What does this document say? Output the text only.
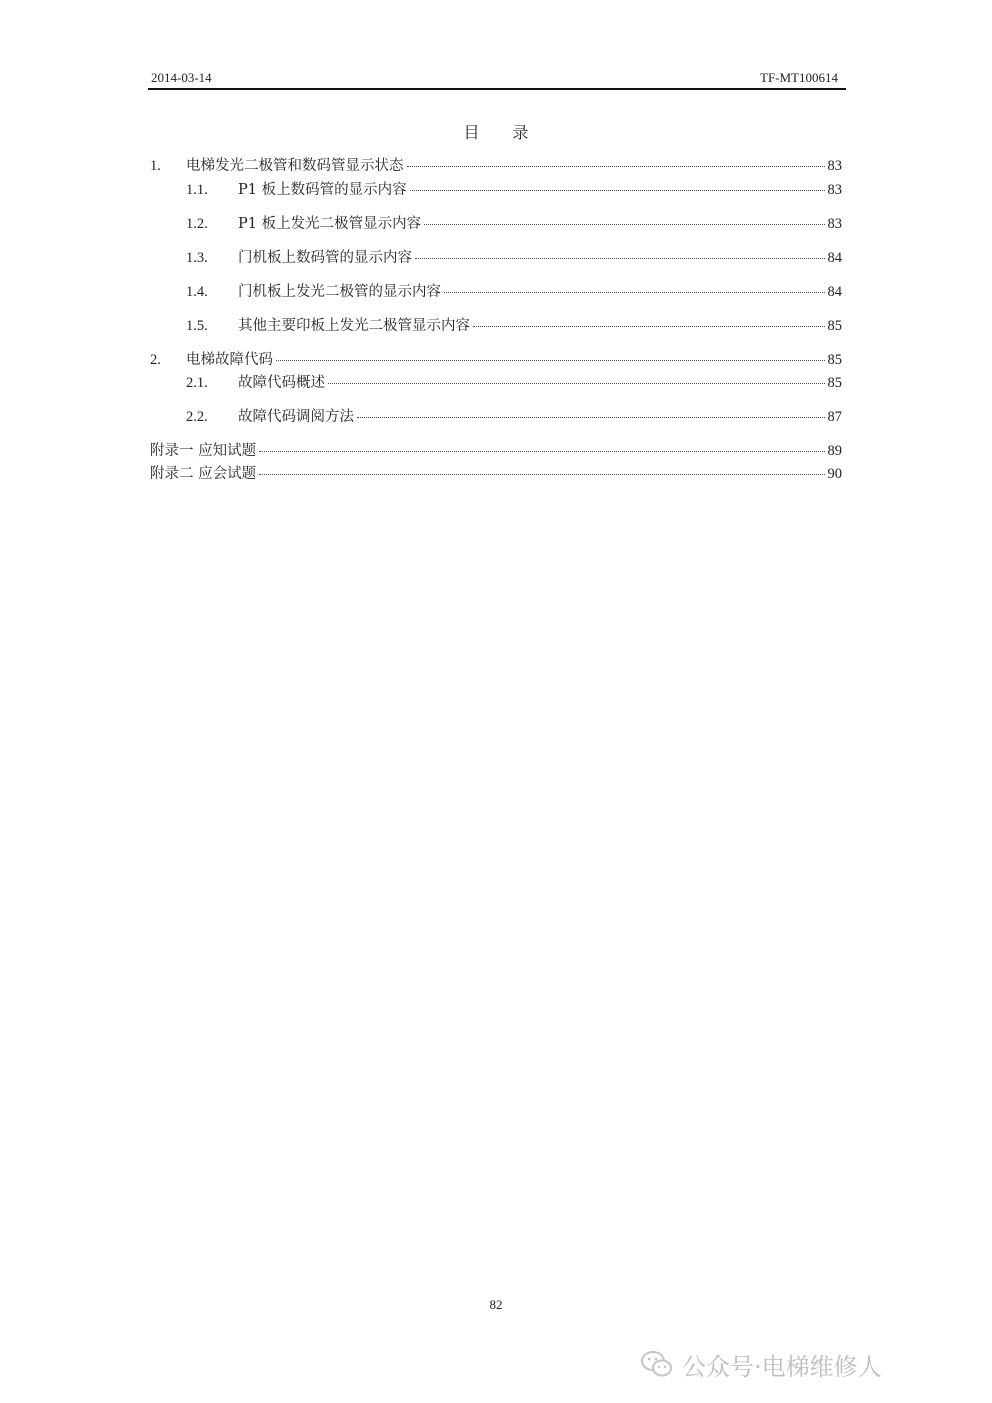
2014-03-14	TF-MT100614
目 录
1.	电梯发光二极管和数码管显示状态	83
1.1.	P1 板上数码管的显示内容	83
1.2.	P1 板上发光二极管显示内容	83
1.3.	门机板上数码管的显示内容	84
1.4.	门机板上发光二极管的显示内容	84
1.5.	其他主要印板上发光二极管显示内容	85
2.	电梯故障代码	85
2.1.	故障代码概述	85
2.2.	故障代码调阅方法	87
附录一 应知试题	89
附录二 应会试题	90
82
公众号·电梯维修人
